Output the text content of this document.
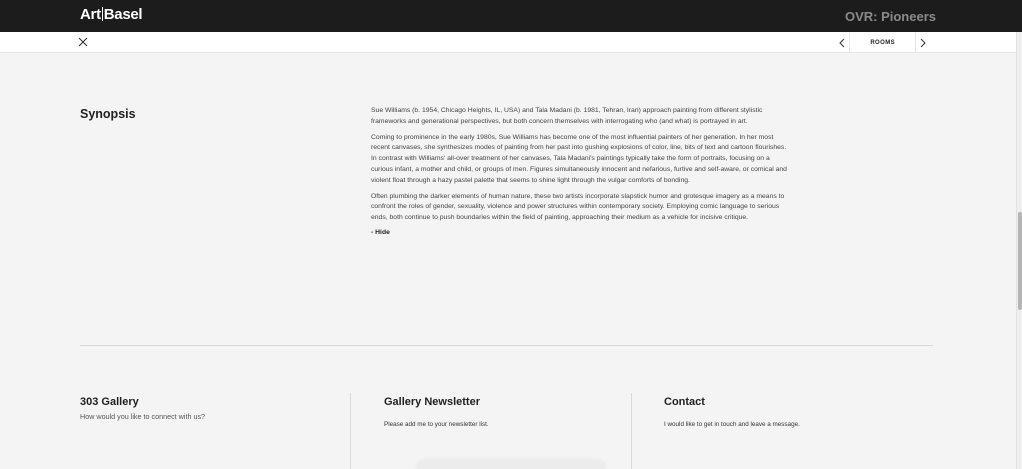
Art Basel	OVR: Pioneers
ROOMS
Synopsis	Sue Williams (b. 1954, Chicago Heights, IL, USA) and Tala Madani (b. 1981, Tehran, Iran) approach painting from different stylistic frameworks and generational perspectives, but both concern themselves with interrogating who (and what) is portrayed in art.

Coming to prominence in the early 1980s, Sue Williams has become one of the most influential painters of her generation. In her most recent canvases, she synthesizes modes of painting from her past into gushing explosions of color, line, bits of text and cartoon flourishes. In contrast with Williams' all-over treatment of her canvases, Tala Madani's paintings typically take the form of portraits, focusing on a curious infant, a mother and child, or groups of men. Figures simultaneously innocent and nefarious, furtive and self-aware, or comical and violent float through a hazy pastel palette that seems to shine light through the vulgar comforts of bonding.

Often plumbing the darker elements of human nature, these two artists incorporate slapstick humor and grotesque imagery as a means to confront the roles of gender, sexuality, violence and power structures within contemporary society. Employing comic language to serious ends, both continue to push boundaries within the field of painting, approaching their medium as a vehicle for incisive critique.

- Hide
303 Gallery
How would you like to connect with us?
Gallery Newsletter
Please add me to your newsletter list.
Contact
I would like to get in touch and leave a message.
